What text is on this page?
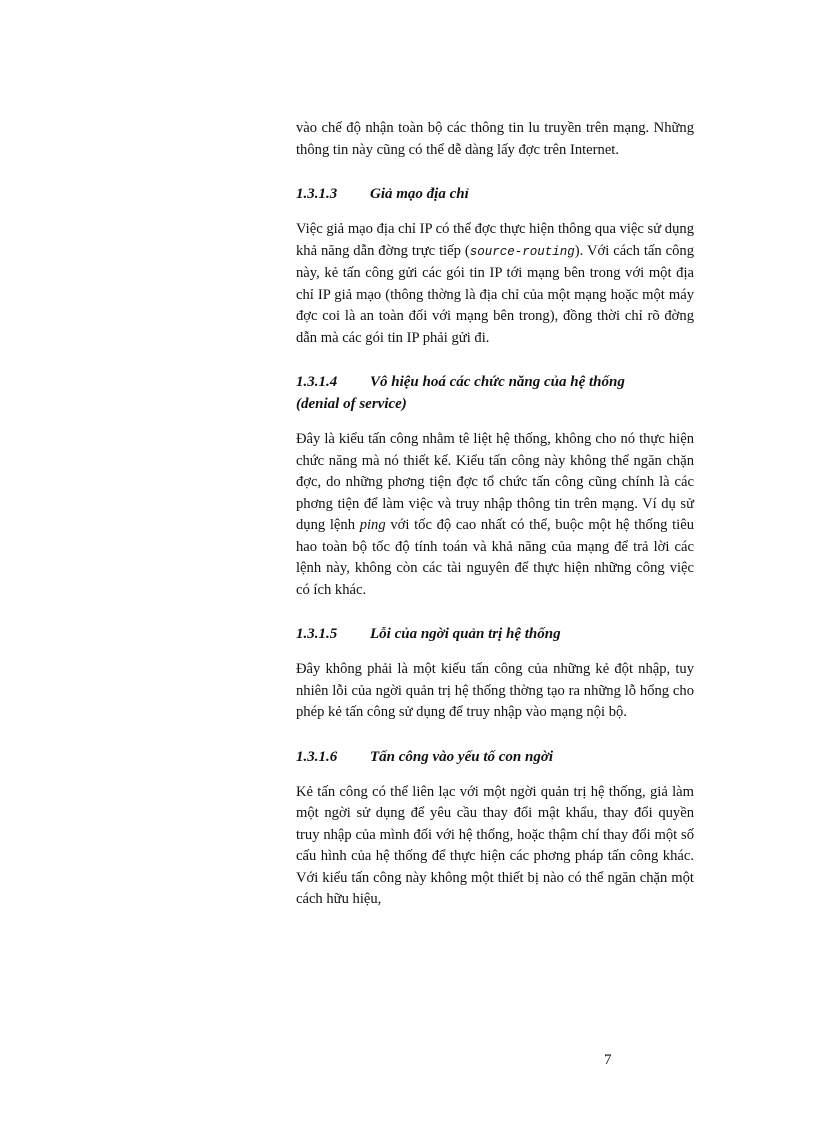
vào chế độ nhận toàn bộ các thông tin lu truyền trên mạng. Những thông tin này cũng có thể dễ dàng lấy đợc trên Internet.

1.3.1.3	Giả mạo địa chỉ

Việc giả mạo địa chỉ IP có thể đợc thực hiện thông qua việc sử dụng khả năng dẫn đờng trực tiếp (source-routing). Với cách tấn công này, kẻ tấn công gửi các gói tin IP tới mạng bên trong với một địa chỉ IP giả mạo (thông thờng là địa chỉ của một mạng hoặc một máy đợc coi là an toàn đối với mạng bên trong), đồng thời chỉ rõ đờng dẫn mà các gói tin IP phải gửi đi.

1.3.1.4	Vô hiệu hoá các chức năng của hệ thống
(denial of service)

Đây là kiểu tấn công nhằm tê liệt hệ thống, không cho nó thực hiện chức năng mà nó thiết kế. Kiểu tấn công này không thể ngăn chặn đợc, do những phơng tiện đợc tổ chức tấn công cũng chính là các phơng tiện để làm việc và truy nhập thông tin trên mạng. Ví dụ sử dụng lệnh ping với tốc độ cao nhất có thể, buộc một hệ thống tiêu hao toàn bộ tốc độ tính toán và khả năng của mạng để trả lời các lệnh này, không còn các tài nguyên để thực hiện những công việc có ích khác.

1.3.1.5	Lỗi của ngời quản trị hệ thống

Đây không phải là một kiểu tấn công của những kẻ đột nhập, tuy nhiên lỗi của ngời quản trị hệ thống thờng tạo ra những lỗ hổng cho phép kẻ tấn công sử dụng để truy nhập vào mạng nội bộ.

1.3.1.6	Tấn công vào yếu tố con ngời

Kẻ tấn công có thể liên lạc với một ngời quản trị hệ thống, giả làm một ngời sử dụng để yêu cầu thay đổi mật khẩu, thay đổi quyền truy nhập của mình đối với hệ thống, hoặc thậm chí thay đổi một số cấu hình của hệ thống để thực hiện các phơng pháp tấn công khác. Với kiểu tấn công này không một thiết bị nào có thể ngăn chặn một cách hữu hiệu,

7
